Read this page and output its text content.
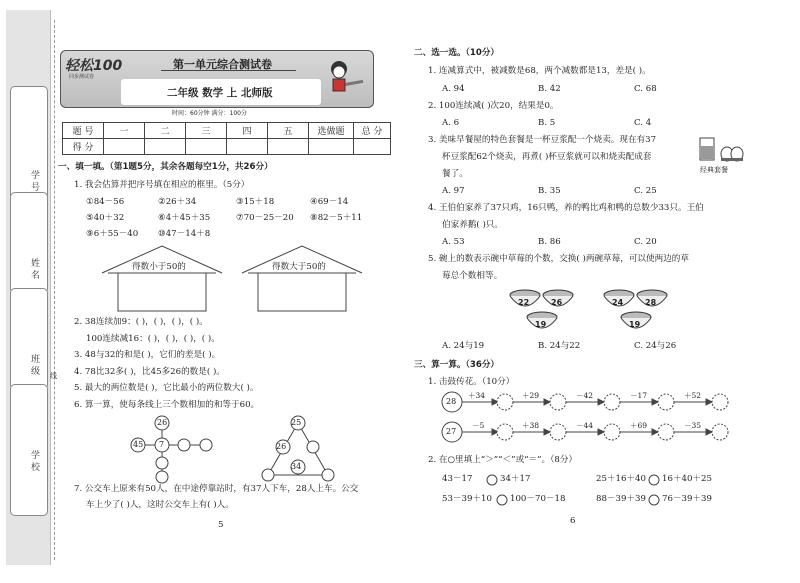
学 号
姓 名
班 级
学 校
线
轻松100
同步测试卷
第一单元综合测试卷
二年级 数学 上 北师版
时间：60分钟 满分：100分
题 号	一	二	三	四	五	选做题	总 分
得 分							
一、填一填。（第1题5分，其余各题每空1分，共26分）
1. 我会估算并把序号填在相应的框里。（5分）
①84－56	②26＋34	③15＋18	④69－14
⑤40＋32	⑥4＋45＋35	⑦70－25－20 ⑧82－5＋11
⑨6＋55－40 ⑩47－14＋8
得数小于50的	得数大于50的
2. 38连续加9：( )，( )，( )，( )。
100连续减16：( )，( )，( )，( )。
3. 48与32的和是( )，它们的差是( )。
4. 78比32多( )，比45多26的数是( )。
5. 最大的两位数是( )，它比最小的两位数大( )。
6. 算一算，使每条线上三个数相加的和等于60。
26
7
45
25
26
34
7. 公交车上原来有50人，在中途停靠站时，有37人下车，28人上车。公交
车上少了( )人，这时公交车上有( )人。
5
二、选一选。（10分）
1. 连减算式中，被减数是68，两个减数都是13，差是( )。
A. 94	B. 42	C. 68
2. 100连续减( )次20，结果是0。
A. 6	B. 5	C. 4
3. 美味早餐屋的特色套餐是一杯豆浆配一个烧卖。现在有37
杯豆浆配62个烧卖，再煮( )杯豆浆就可以和烧卖配成套
餐了。	经典套餐
A. 97	B. 35	C. 25
4. 王伯伯家养了37只鸡，16只鸭，养的鸭比鸡和鸭的总数少33只。王伯
伯家养鹅( )只。
A. 53	B. 86	C. 20
5. 碗上的数表示碗中草莓的个数，交换( )两碗草莓，可以使两边的草
莓总个数相等。
22	26
19
24	28
19
A. 24与19	B. 24与22	C. 24与26
三、算一算。（36分）
1. 击鼓传花。（10分）
28
＋34	＋29	－42	－17	＋52
27
－5	＋38	－44	＋69	－35
2. 在○里填上“＞”“＜”或“＝”。（8分）
43－17	34＋17	25＋16＋40 16＋40＋25
53－39＋10 100－70－18	88－39＋39 76－39＋39
6
